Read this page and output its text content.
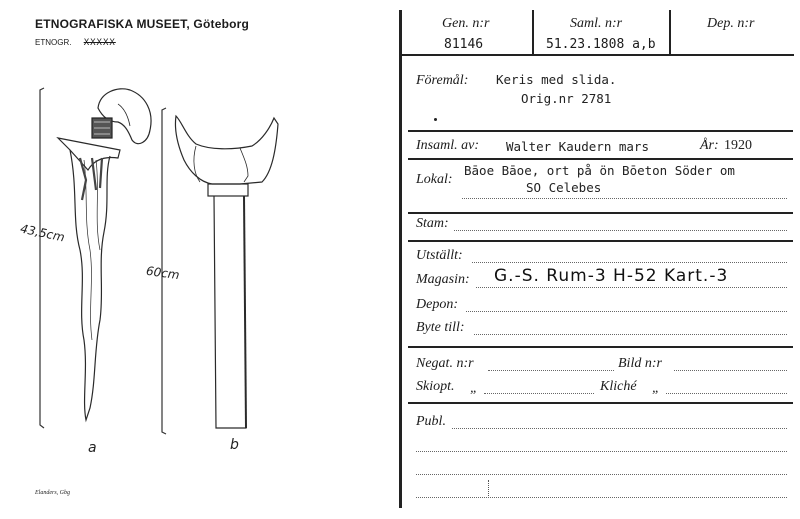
ETNOGRAFISKA MUSEET, Göteborg
ETNOGR. XXXXX
43,5cm
60cm
a	b
Elanders, Gbg
Gen. n:r
81146
Saml. n:r
51.23.1808 a,b
Dep. n:r
Föremål: Keris med slida.
Orig.nr 2781
Insaml. av: Walter Kaudern mars	År: 1920
Lokal:
Bāoe Bāoe, ort på ön Bōeton Söder om
SO Celebes
Stam:
Utställt:
Magasin: G.-S. Rum-3 H-52 Kart.-3
Depon:
Byte till:
Negat. n:r	Bild n:r
Skiopt. „	Kliché „
Publ.
